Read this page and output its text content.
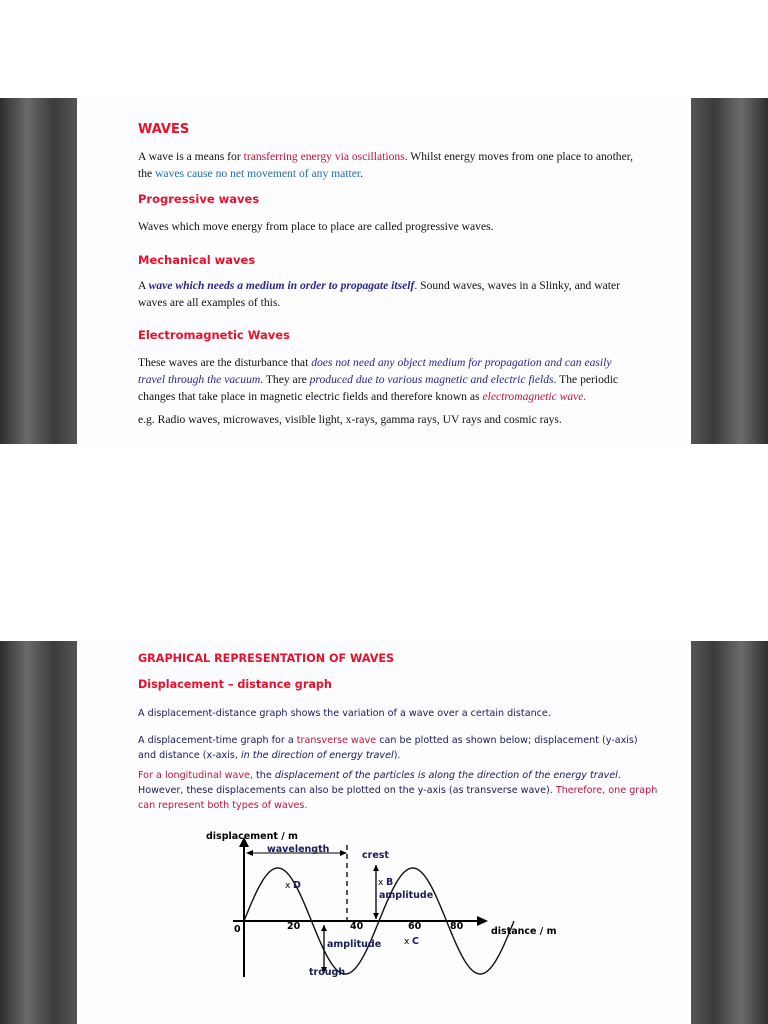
WAVES

A wave is a means for transferring energy via oscillations. Whilst energy moves from one place to another, the waves cause no net movement of any matter.

Progressive waves

Waves which move energy from place to place are called progressive waves.

Mechanical waves

A wave which needs a medium in order to propagate itself. Sound waves, waves in a Slinky, and water waves are all examples of this.

Electromagnetic Waves

These waves are the disturbance that does not need any object medium for propagation and can easily travel through the vacuum. They are produced due to various magnetic and electric fields. The periodic changes that take place in magnetic electric fields and therefore known as electromagnetic wave.

e.g. Radio waves, microwaves, visible light, x-rays, gamma rays, UV rays and cosmic rays.

GRAPHICAL REPRESENTATION OF WAVES
Displacement – distance graph

A displacement-distance graph shows the variation of a wave over a certain distance.

A displacement-time graph for a transverse wave can be plotted as shown below; displacement (y-axis) and distance (x-axis, in the direction of energy travel).

For a longitudinal wave, the displacement of the particles is along the direction of the energy travel. However, these displacements can also be plotted on the y-axis (as transverse wave). Therefore, one graph can represent both types of waves.

x	x
x
displacement / m
wavelength
crest
D	B
amplitude
amplitude	C
trough
distance / m
0	20	40	60	80
